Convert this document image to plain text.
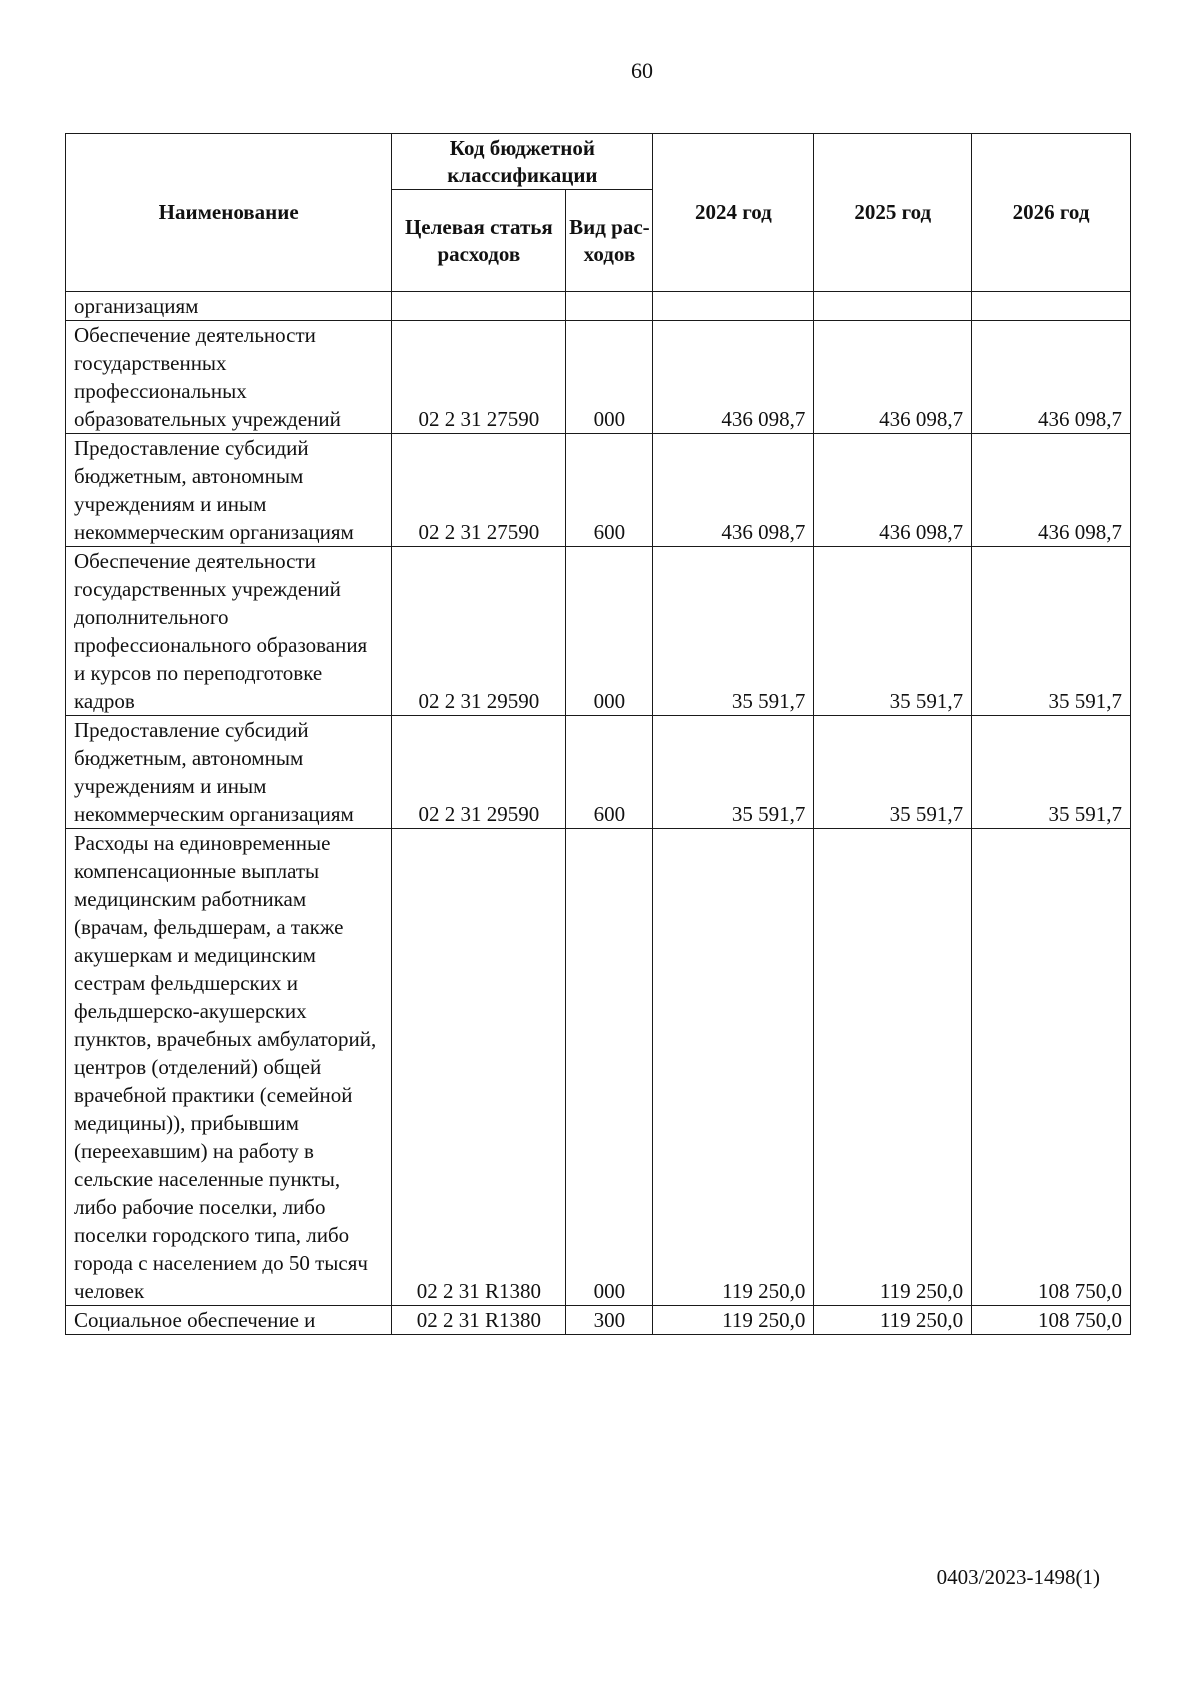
60
Наименование	Код бюджетной классификации		2024 год	2025 год	2026 год
	Целевая статья расходов	Вид рас-ходов			
организациям					
Обеспечение деятельности государственных профессиональных образовательных учреждений	02 2 31 27590	000	436 098,7	436 098,7	436 098,7
Предоставление субсидий бюджетным, автономным учреждениям и иным некоммерческим организациям	02 2 31 27590	600	436 098,7	436 098,7	436 098,7
Обеспечение деятельности государственных учреждений дополнительного профессионального образования и курсов по переподготовке кадров	02 2 31 29590	000	35 591,7	35 591,7	35 591,7
Предоставление субсидий бюджетным, автономным учреждениям и иным некоммерческим организациям	02 2 31 29590	600	35 591,7	35 591,7	35 591,7
Расходы на единовременные компенсационные выплаты медицинским работникам (врачам, фельдшерам, а также акушеркам и медицинским сестрам фельдшерских и фельдшерско-акушерских пунктов, врачебных амбулаторий, центров (отделений) общей врачебной практики (семейной медицины)), прибывшим (переехавшим) на работу в сельские населенные пункты, либо рабочие поселки, либо поселки городского типа, либо города с населением до 50 тысяч человек	02 2 31 R1380	000	119 250,0	119 250,0	108 750,0
Социальное обеспечение и	02 2 31 R1380	300	119 250,0	119 250,0	108 750,0
0403/2023-1498(1)
